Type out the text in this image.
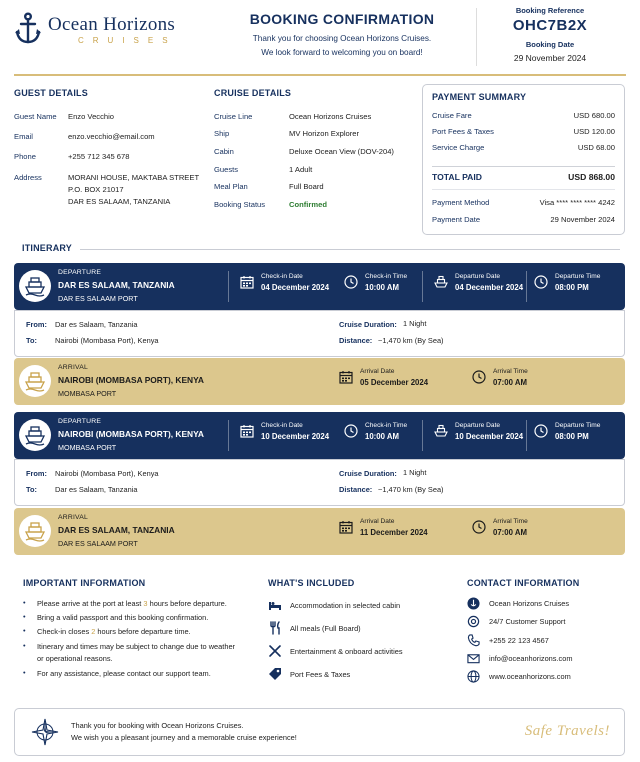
Ocean Horizons
CRUISES
BOOKING CONFIRMATION
Thank you for choosing Ocean Horizons Cruises.
We look forward to welcoming you on board!
Booking Reference
OHC7B2X
Booking Date
29 November 2024
GUEST DETAILS
Guest Name Enzo Vecchio
Email	enzo.vecchio@email.com
Phone	+255 712 345 678
Address	MORANI HOUSE, MAKTABA STREET
P.O. BOX 21017
DAR ES SALAAM, TANZANIA
CRUISE DETAILS
Cruise Line	Ocean Horizons Cruises
Ship	MV Horizon Explorer
Cabin	Deluxe Ocean View (DOV-204)
Guests	1 Adult
Meal Plan	Full Board
Booking Status	Confirmed
PAYMENT SUMMARY
Cruise Fare	USD 680.00
Port Fees & Taxes	USD 120.00
Service Charge	USD 68.00
TOTAL PAID	USD 868.00
Payment Method	Visa **** **** **** 4242
Payment Date	29 November 2024
ITINERARY
DEPARTURE
DAR ES SALAAM, TANZANIA
DAR ES SALAAM PORT
Check-in Date
04 December 2024
Check-in Time
10:00 AM
Departure Date
04 December 2024
Departure Time
08:00 PM
From: Dar es Salaam, Tanzania
To: Nairobi (Mombasa Port), Kenya
Cruise Duration: 1 Night
Distance: ~1,470 km (By Sea)
ARRIVAL
NAIROBI (MOMBASA PORT), KENYA
MOMBASA PORT
Arrival Date
05 December 2024
Arrival Time
07:00 AM
DEPARTURE
NAIROBI (MOMBASA PORT), KENYA
MOMBASA PORT
Check-in Date
10 December 2024
Check-in Time
10:00 AM
Departure Date
10 December 2024
Departure Time
08:00 PM
From: Nairobi (Mombasa Port), Kenya
To: Dar es Salaam, Tanzania
Cruise Duration: 1 Night
Distance: ~1,470 km (By Sea)
ARRIVAL
DAR ES SALAAM, TANZANIA
DAR ES SALAAM PORT
Arrival Date
11 December 2024
Arrival Time
07:00 AM
IMPORTANT INFORMATION
• Please arrive at the port at least 3 hours before departure.
• Bring a valid passport and this booking confirmation.
• Check-in closes 2 hours before departure time.
• Itinerary and times may be subject to change due to weather
or operational reasons.
• For any assistance, please contact our support team.
WHAT'S INCLUDED
Accommodation in selected cabin
All meals (Full Board)
Entertainment & onboard activities
Port Fees & Taxes
CONTACT INFORMATION
Ocean Horizons Cruises
24/7 Customer Support
+255 22 123 4567
info@oceanhorizons.com
www.oceanhorizons.com
Thank you for booking with Ocean Horizons Cruises.
We wish you a pleasant journey and a memorable cruise experience!	Safe Travels!
